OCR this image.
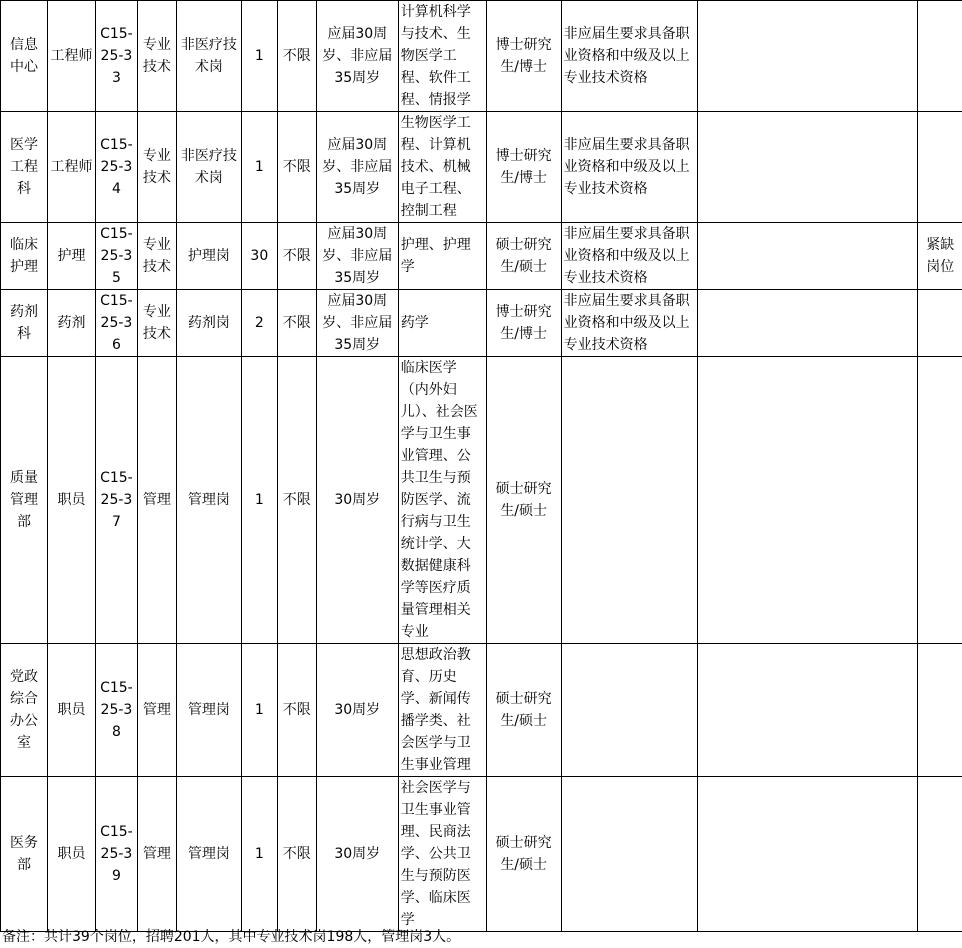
信息中心	工程师	C15-25-33	专业技术	非医疗技术岗	1	不限	应届30周岁、非应届35周岁	计算机科学与技术、生物医学工程、软件工程、情报学	博士研究生/博士	非应届生要求具备职业资格和中级及以上专业技术资格		
医学工程科	工程师	C15-25-34	专业技术	非医疗技术岗	1	不限	应届30周岁、非应届35周岁	生物医学工程、计算机技术、机械电子工程、控制工程	博士研究生/博士	非应届生要求具备职业资格和中级及以上专业技术资格		
临床护理	护理	C15-25-35	专业技术	护理岗	30	不限	应届30周岁、非应届35周岁	护理、护理学	硕士研究生/硕士	非应届生要求具备职业资格和中级及以上专业技术资格		紧缺岗位
药剂科	药剂	C15-25-36	专业技术	药剂岗	2	不限	应届30周岁、非应届35周岁	药学	博士研究生/博士	非应届生要求具备职业资格和中级及以上专业技术资格		
质量管理部	职员	C15-25-37	管理	管理岗	1	不限	30周岁	临床医学（内外妇儿）、社会医学与卫生事业管理、公共卫生与预防医学、流行病与卫生统计学、大数据健康科学等医疗质量管理相关专业	硕士研究生/硕士			
党政综合办公室	职员	C15-25-38	管理	管理岗	1	不限	30周岁	思想政治教育、历史学、新闻传播学类、社会医学与卫生事业管理	硕士研究生/硕士			
医务部	职员	C15-25-39	管理	管理岗	1	不限	30周岁	社会医学与卫生事业管理、民商法学、公共卫生与预防医学、临床医学	硕士研究生/硕士			
备注：共计39个岗位，招聘201人，其中专业技术岗198人，管理岗3人。
